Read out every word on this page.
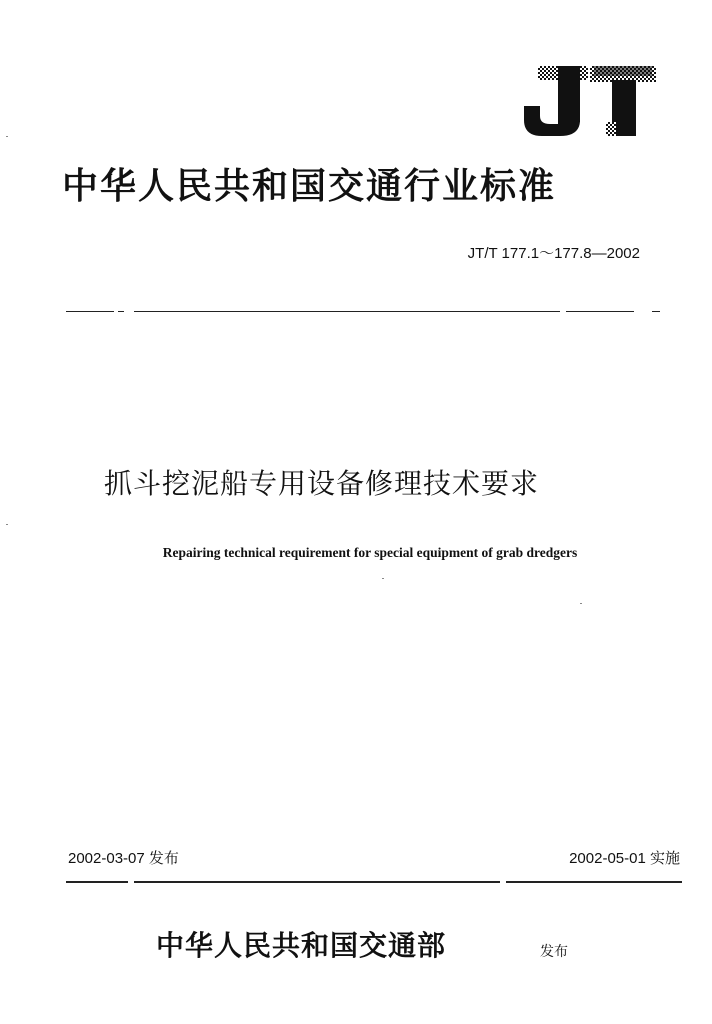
中华人民共和国交通行业标准
JT/T 177.1～177.8—2002
抓斗挖泥船专用设备修理技术要求
Repairing technical requirement for special equipment of grab dredgers
2002-03-07 发布	2002-05-01 实施
中华人民共和国交通部	发布
